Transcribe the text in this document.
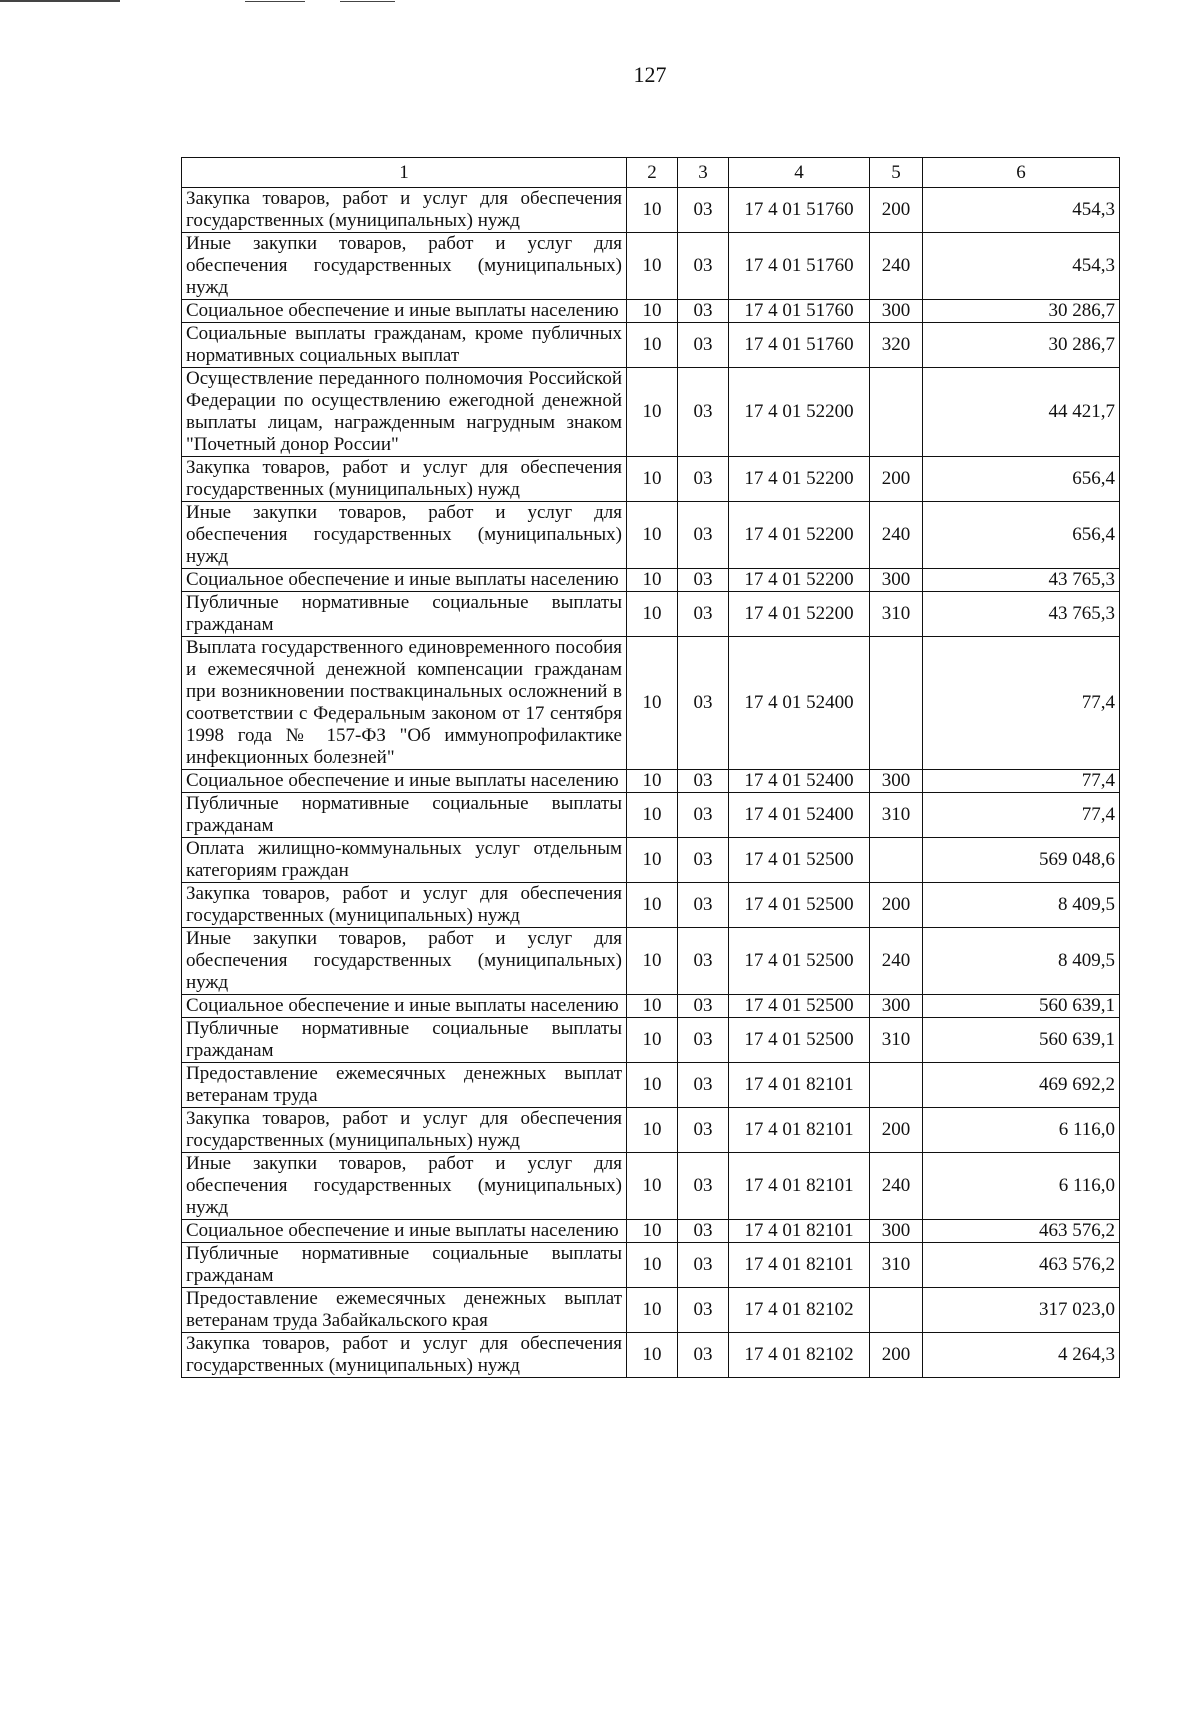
127
1	2	3	4	5	6
Закупка товаров, работ и услуг для обеспечения государственных (муниципальных) нужд	10	03	17 4 01 51760	200	454,3
Иные закупки товаров, работ и услуг для обеспечения государственных (муниципальных) нужд	10	03	17 4 01 51760	240	454,3
Социальное обеспечение и иные выплаты населению	10	03	17 4 01 51760	300	30 286,7
Социальные выплаты гражданам, кроме публичных нормативных социальных выплат	10	03	17 4 01 51760	320	30 286,7
Осуществление переданного полномочия Российской Федерации по осуществлению ежегодной денежной выплаты лицам, награжденным нагрудным знаком "Почетный донор России"	10	03	17 4 01 52200		44 421,7
Закупка товаров, работ и услуг для обеспечения государственных (муниципальных) нужд	10	03	17 4 01 52200	200	656,4
Иные закупки товаров, работ и услуг для обеспечения государственных (муниципальных) нужд	10	03	17 4 01 52200	240	656,4
Социальное обеспечение и иные выплаты населению	10	03	17 4 01 52200	300	43 765,3
Публичные нормативные социальные выплаты гражданам	10	03	17 4 01 52200	310	43 765,3
Выплата государственного единовременного пособия и ежемесячной денежной компенсации гражданам при возникновении поствакцинальных осложнений в соответствии с Федеральным законом от 17 сентября 1998 года № 157-ФЗ "Об иммунопрофилактике инфекционных болезней"	10	03	17 4 01 52400		77,4
Социальное обеспечение и иные выплаты населению	10	03	17 4 01 52400	300	77,4
Публичные нормативные социальные выплаты гражданам	10	03	17 4 01 52400	310	77,4
Оплата жилищно-коммунальных услуг отдельным категориям граждан	10	03	17 4 01 52500		569 048,6
Закупка товаров, работ и услуг для обеспечения государственных (муниципальных) нужд	10	03	17 4 01 52500	200	8 409,5
Иные закупки товаров, работ и услуг для обеспечения государственных (муниципальных) нужд	10	03	17 4 01 52500	240	8 409,5
Социальное обеспечение и иные выплаты населению	10	03	17 4 01 52500	300	560 639,1
Публичные нормативные социальные выплаты гражданам	10	03	17 4 01 52500	310	560 639,1
Предоставление ежемесячных денежных выплат ветеранам труда	10	03	17 4 01 82101		469 692,2
Закупка товаров, работ и услуг для обеспечения государственных (муниципальных) нужд	10	03	17 4 01 82101	200	6 116,0
Иные закупки товаров, работ и услуг для обеспечения государственных (муниципальных) нужд	10	03	17 4 01 82101	240	6 116,0
Социальное обеспечение и иные выплаты населению	10	03	17 4 01 82101	300	463 576,2
Публичные нормативные социальные выплаты гражданам	10	03	17 4 01 82101	310	463 576,2
Предоставление ежемесячных денежных выплат ветеранам труда Забайкальского края	10	03	17 4 01 82102		317 023,0
Закупка товаров, работ и услуг для обеспечения государственных (муниципальных) нужд	10	03	17 4 01 82102	200	4 264,3
